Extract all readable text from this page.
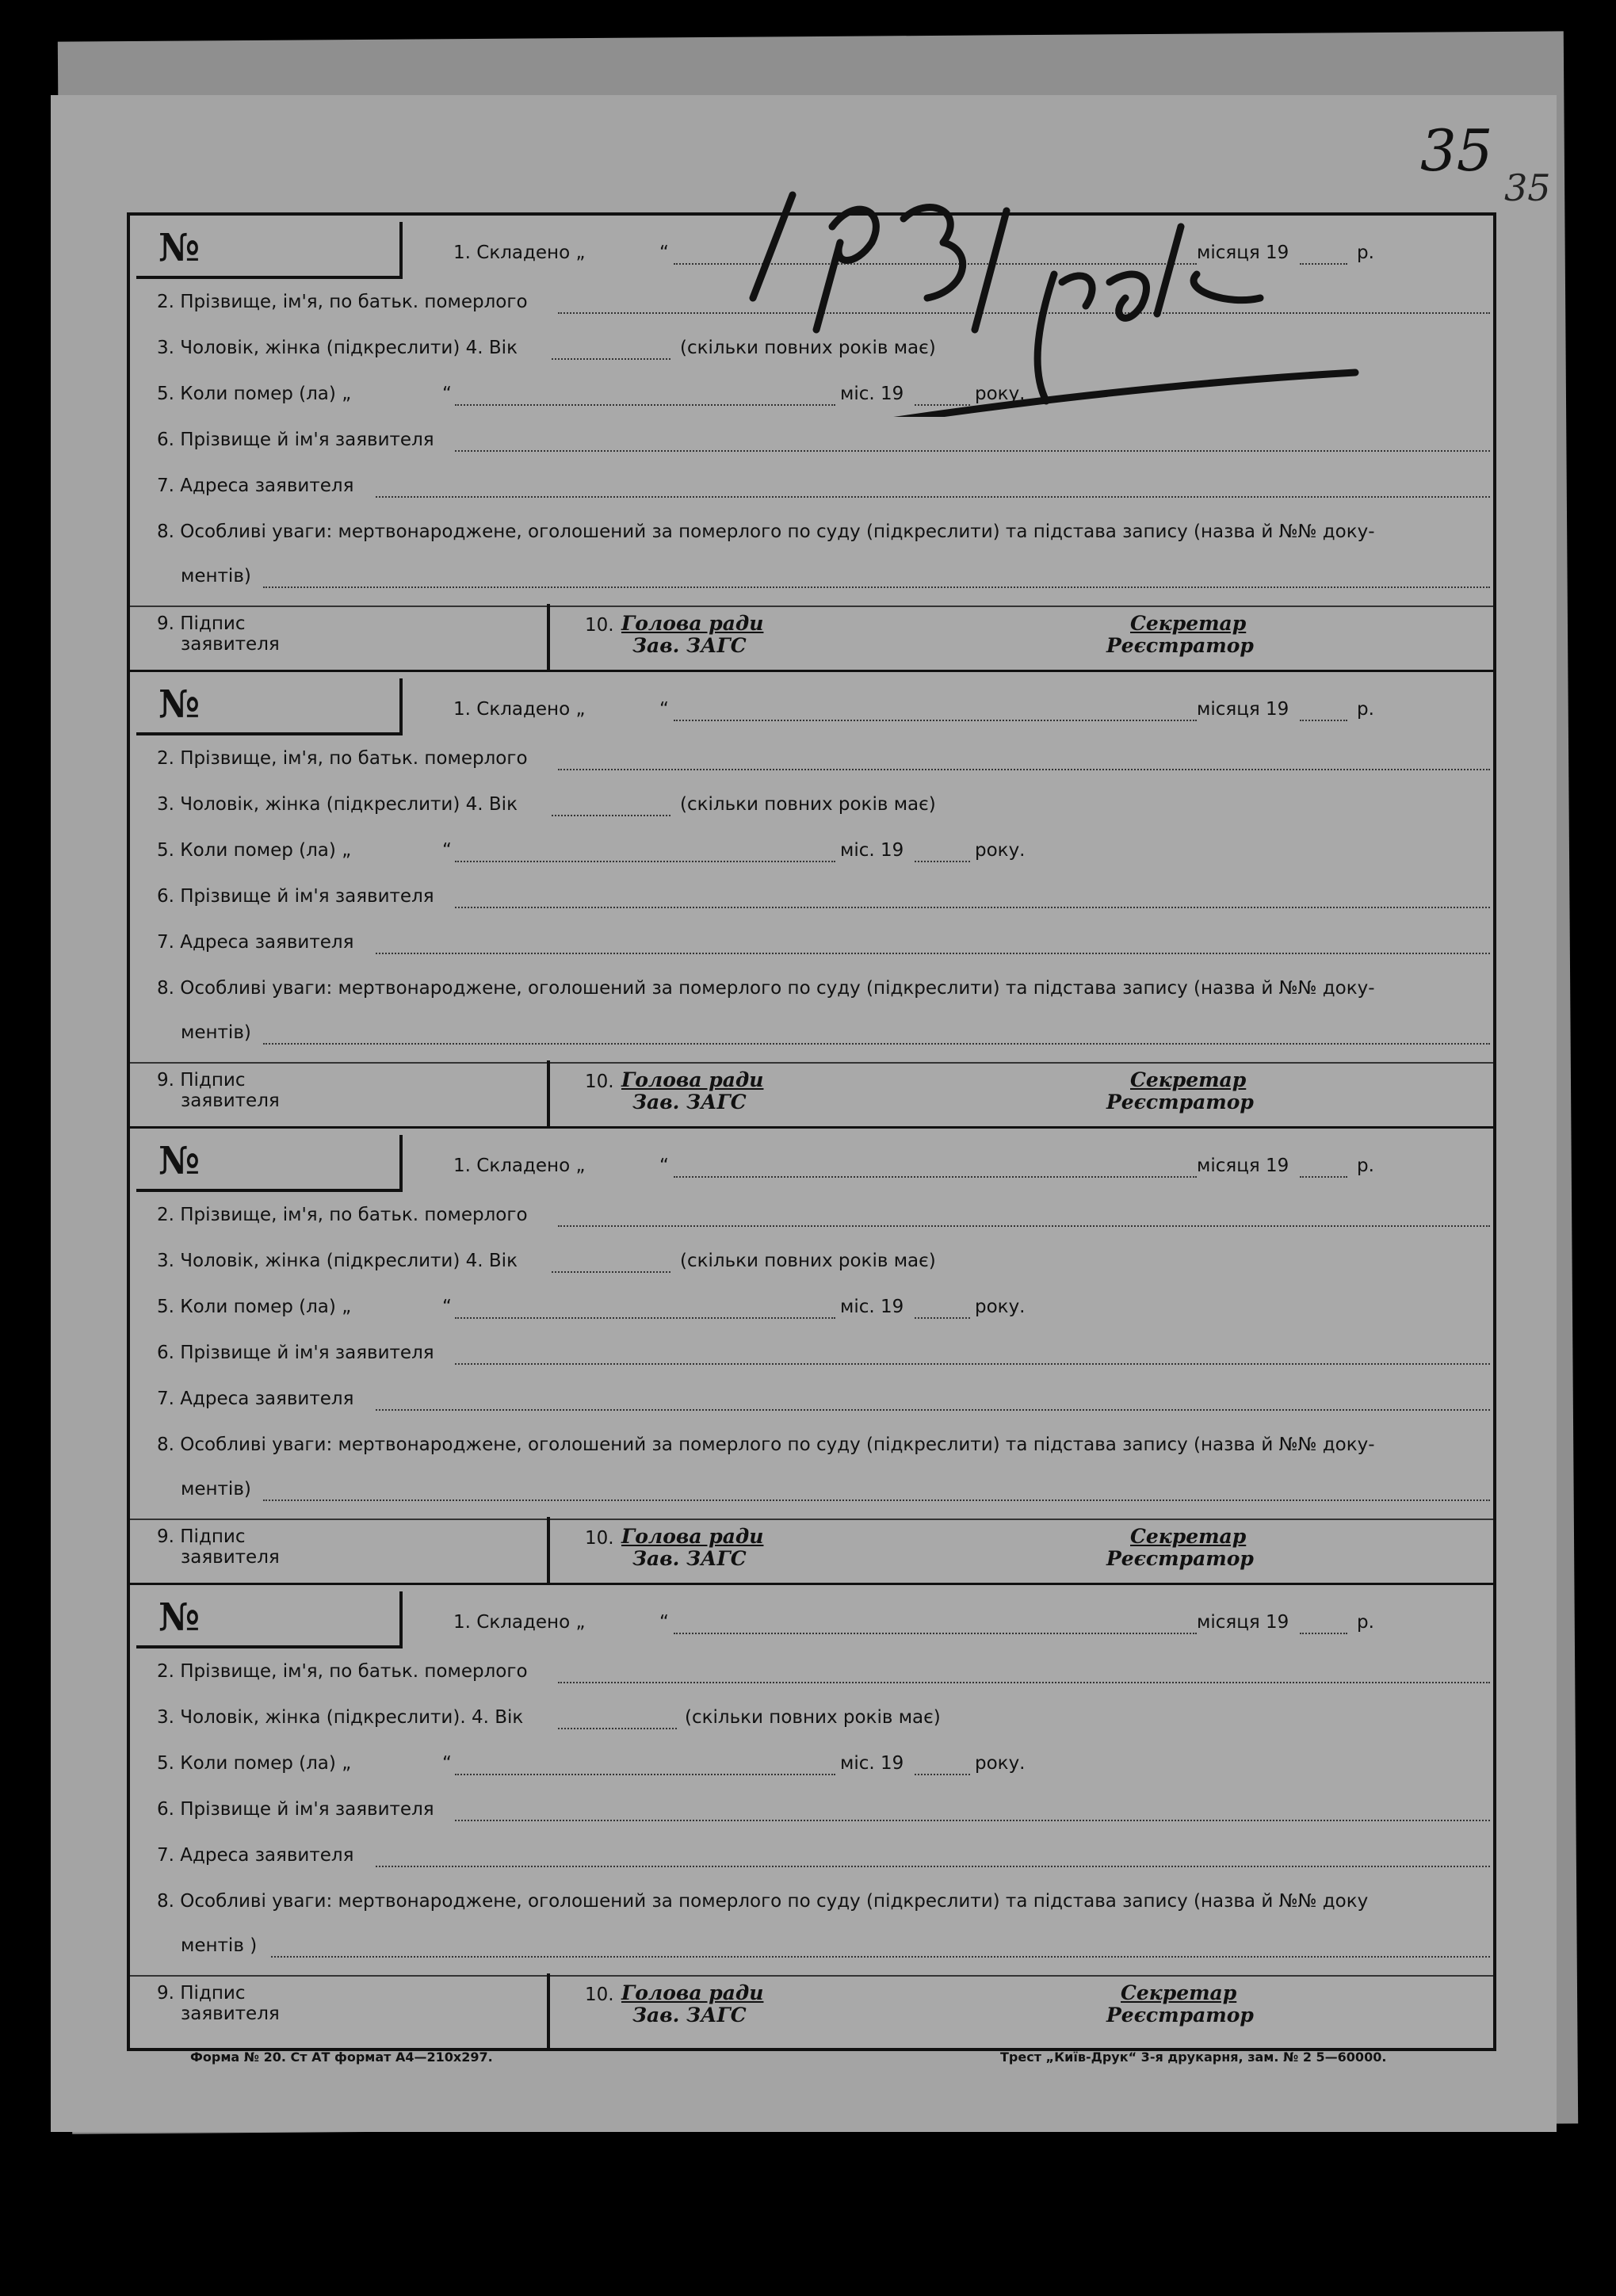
35
35
№	1. Складено „	“	місяця 19	р.
2. Прізвище, ім'я, по батьк. померлого
3. Чоловік, жінка (підкреслити) 4. Вік	(скільки повних років має)
5. Коли помер (ла) „	“	міс. 19	року.
6. Прізвище й ім'я заявителя
7. Адреса заявителя
8. Особливі уваги: мертвонароджене, оголошений за померлого по суду (підкреслити) та підстава запису (назва й №№ доку-
ментів)
9. Підпис
заявителя
10. Голова ради
Зав. ЗАГС
Секретар
Реєстратор
№	1. Складено „	“	місяця 19	р.
2. Прізвище, ім'я, по батьк. померлого
3. Чоловік, жінка (підкреслити) 4. Вік	(скільки повних років має)
5. Коли помер (ла) „	“	міс. 19	року.
6. Прізвище й ім'я заявителя
7. Адреса заявителя
8. Особливі уваги: мертвонароджене, оголошений за померлого по суду (підкреслити) та підстава запису (назва й №№ доку-
ментів)
9. Підпис
заявителя
10. Голова ради
Зав. ЗАГС
Секретар
Реєстратор
№	1. Складено „	“	місяця 19	р.
2. Прізвище, ім'я, по батьк. померлого
3. Чоловік, жінка (підкреслити) 4. Вік	(скільки повних років має)
5. Коли помер (ла) „	“	міс. 19	року.
6. Прізвище й ім'я заявителя
7. Адреса заявителя
8. Особливі уваги: мертвонароджене, оголошений за померлого по суду (підкреслити) та підстава запису (назва й №№ доку-
ментів)
9. Підпис
заявителя
10. Голова ради
Зав. ЗАГС
Секретар
Реєстратор
№	1. Складено „	“	місяця 19	р.
2. Прізвище, ім'я, по батьк. померлого
3. Чоловік, жінка (підкреслити). 4. Вік	(скільки повних років має)
5. Коли помер (ла) „	“	міс. 19	року.
6. Прізвище й ім'я заявителя
7. Адреса заявителя
8. Особливі уваги: мертвонароджене, оголошений за померлого по суду (підкреслити) та підстава запису (назва й №№ доку
ментів )
9. Підпис
заявителя
10. Голова ради
Зав. ЗАГС
Секретар
Реєстратор
Форма № 20. Ст АТ формат А4—210х297.	Трест „Київ-Друк“ 3-я друкарня, зам. № 2 5—60000.
